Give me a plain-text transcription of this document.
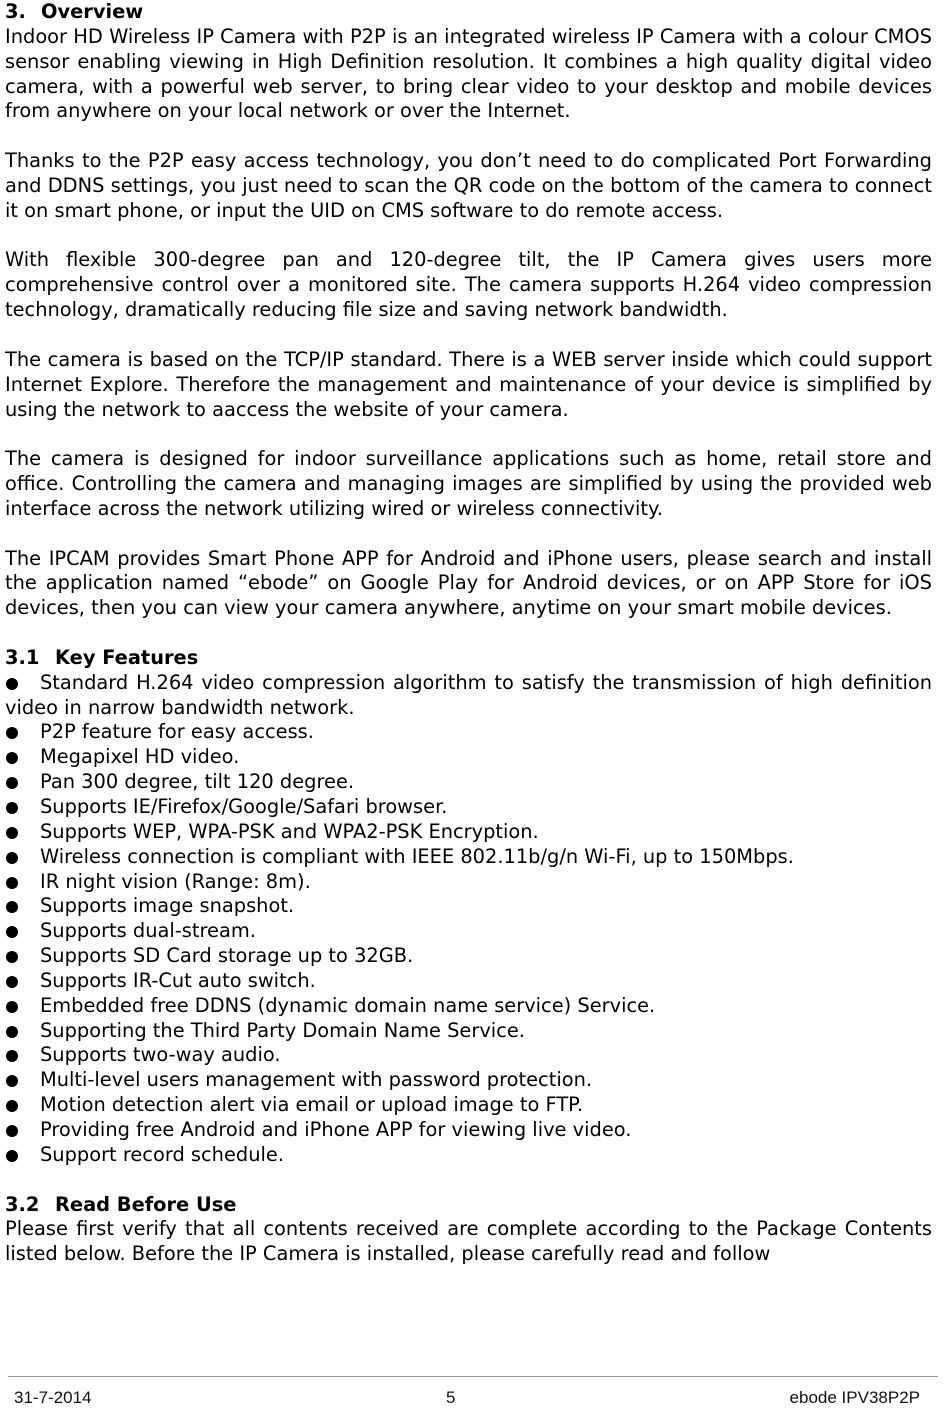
3. Overview

Indoor HD Wireless IP Camera with P2P is an integrated wireless IP Camera with a colour CMOS sensor enabling viewing in High Definition resolution. It combines a high quality digital video camera, with a powerful web server, to bring clear video to your desktop and mobile devices from anywhere on your local network or over the Internet.

Thanks to the P2P easy access technology, you don’t need to do complicated Port Forwarding and DDNS settings, you just need to scan the QR code on the bottom of the camera to connect it on smart phone, or input the UID on CMS software to do remote access.

With flexible 300-degree pan and 120-degree tilt, the IP Camera gives users more comprehensive control over a monitored site. The camera supports H.264 video compression technology, dramatically reducing file size and saving network bandwidth.

The camera is based on the TCP/IP standard. There is a WEB server inside which could support Internet Explore. Therefore the management and maintenance of your device is simplified by using the network to aaccess the website of your camera.

The camera is designed for indoor surveillance applications such as home, retail store and office. Controlling the camera and managing images are simplified by using the provided web interface across the network utilizing wired or wireless connectivity.

The IPCAM provides Smart Phone APP for Android and iPhone users, please search and install the application named “ebode” on Google Play for Android devices, or on APP Store for iOS devices, then you can view your camera anywhere, anytime on your smart mobile devices.

3.1 Key Features
Standard H.264 video compression algorithm to satisfy the transmission of high definition video in narrow bandwidth network.
P2P feature for easy access.
Megapixel HD video.
Pan 300 degree, tilt 120 degree.
Supports IE/Firefox/Google/Safari browser.
Supports WEP, WPA-PSK and WPA2-PSK Encryption.
Wireless connection is compliant with IEEE 802.11b/g/n Wi-Fi, up to 150Mbps.
IR night vision (Range: 8m).
Supports image snapshot.
Supports dual-stream.
Supports SD Card storage up to 32GB.
Supports IR-Cut auto switch.
Embedded free DDNS (dynamic domain name service) Service.
Supporting the Third Party Domain Name Service.
Supports two-way audio.
Multi-level users management with password protection.
Motion detection alert via email or upload image to FTP.
Providing free Android and iPhone APP for viewing live video.
Support record schedule.
3.2 Read Before Use

Please first verify that all contents received are complete according to the Package Contents listed below. Before the IP Camera is installed, please carefully read and follow

31-7-2014	5	ebode IPV38P2P
